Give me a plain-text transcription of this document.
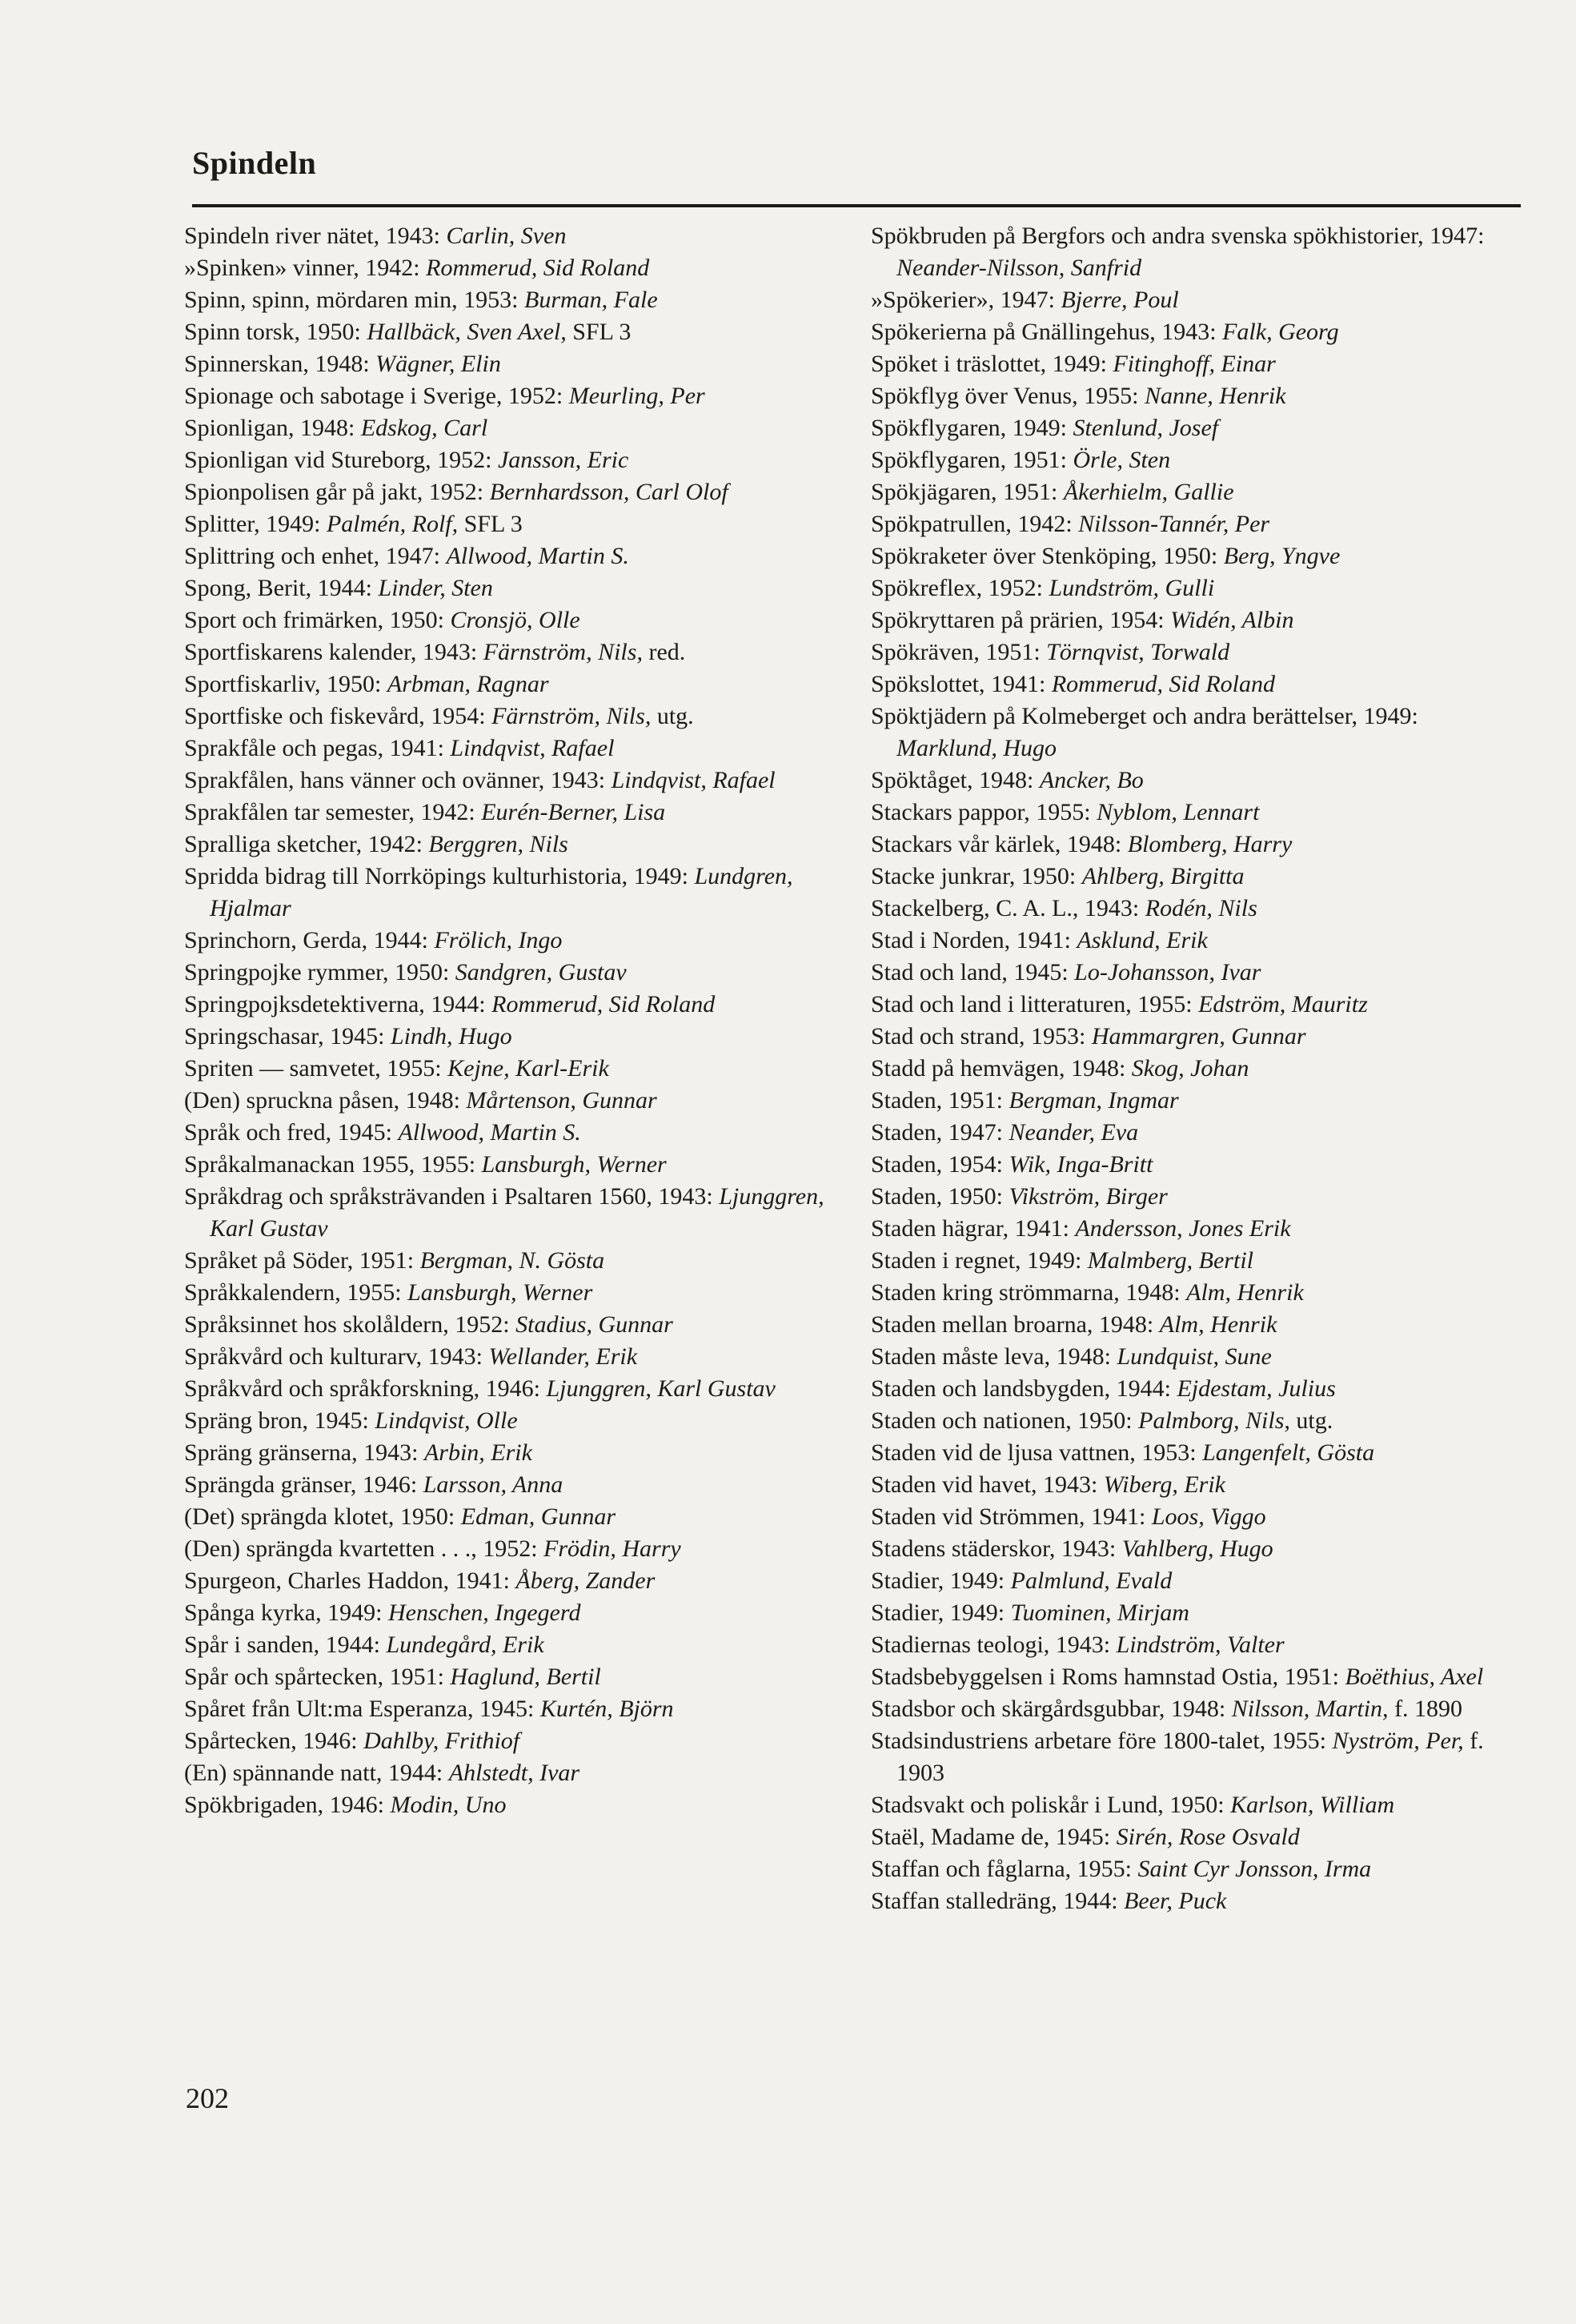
Spindeln
Spindeln river nätet , 1943: Carlin, Sven
»Spinken» vinner , 1942: Rommerud, Sid Roland
Spinn, spinn, mördaren min , 1953: Burman, Fale
Spinn torsk , 1950: Hallbäck, Sven Axel, SFL 3
Spinnerskan , 1948: Wägner, Elin
Spionage och sabotage i Sverige , 1952: Meurling, Per
Spionligan , 1948: Edskog, Carl
Spionligan vid Stureborg , 1952: Jansson, Eric
Spionpolisen går på jakt , 1952: Bernhardsson, Carl Olof
Splitter , 1949: Palmén, Rolf, SFL 3
Splittring och enhet , 1947: Allwood, Martin S.
Spong, Berit , 1944: Linder, Sten
Sport och frimärken , 1950: Cronsjö, Olle
Sportfiskarens kalender , 1943: Färnström, Nils, red.
Sportfiskarliv , 1950: Arbman, Ragnar
Sportfiske och fiskevård , 1954: Färnström, Nils, utg.
Sprakfåle och pegas , 1941: Lindqvist, Rafael
Sprakfålen, hans vänner och ovänner , 1943: Lindqvist, Rafael
Sprakfålen tar semester , 1942: Eurén-Berner, Lisa
Spralliga sketcher , 1942: Berggren, Nils
Spridda bidrag till Norrköpings kulturhistoria , 1949: Lundgren, Hjalmar
Sprinchorn, Gerda , 1944: Frölich, Ingo
Springpojke rymmer , 1950: Sandgren, Gustav
Springpojksdetektiverna , 1944: Rommerud, Sid Roland
Springschasar , 1945: Lindh, Hugo
Spriten — samvetet , 1955: Kejne, Karl-Erik
(Den) spruckna påsen , 1948: Mårtenson, Gunnar
Språk och fred , 1945: Allwood, Martin S.
Språkalmanackan 1955 , 1955: Lansburgh, Werner
Språkdrag och språksträvanden i Psaltaren 1560 , 1943: Ljunggren, Karl Gustav
Språket på Söder , 1951: Bergman, N. Gösta
Språkkalendern , 1955: Lansburgh, Werner
Språksinnet hos skolåldern , 1952: Stadius, Gunnar
Språkvård och kulturarv , 1943: Wellander, Erik
Språkvård och språkforskning , 1946: Ljunggren, Karl Gustav
Spräng bron , 1945: Lindqvist, Olle
Spräng gränserna , 1943: Arbin, Erik
Sprängda gränser , 1946: Larsson, Anna
(Det) sprängda klotet , 1950: Edman, Gunnar
(Den) sprängda kvartetten . . . , 1952: Frödin, Harry
Spurgeon, Charles Haddon , 1941: Åberg, Zander
Spånga kyrka , 1949: Henschen, Ingegerd
Spår i sanden , 1944: Lundegård, Erik
Spår och spårtecken , 1951: Haglund, Bertil
Spåret från Ult:ma Esperanza , 1945: Kurtén, Björn
Spårtecken , 1946: Dahlby, Frithiof
(En) spännande natt , 1944: Ahlstedt, Ivar
Spökbrigaden , 1946: Modin, Uno
Spökbruden på Bergfors och andra svenska spökhistorier , 1947: Neander-Nilsson, Sanfrid
»Spökerier» , 1947: Bjerre, Poul
Spökerierna på Gnällingehus , 1943: Falk, Georg
Spöket i träslottet , 1949: Fitinghoff, Einar
Spökflyg över Venus , 1955: Nanne, Henrik
Spökflygaren , 1949: Stenlund, Josef
Spökflygaren , 1951: Örle, Sten
Spökjägaren , 1951: Åkerhielm, Gallie
Spökpatrullen , 1942: Nilsson-Tannér, Per
Spökraketer över Stenköping , 1950: Berg, Yngve
Spökreflex , 1952: Lundström, Gulli
Spökryttaren på prärien , 1954: Widén, Albin
Spökräven , 1951: Törnqvist, Torwald
Spökslottet , 1941: Rommerud, Sid Roland
Spöktjädern på Kolmeberget och andra berättelser , 1949: Marklund, Hugo
Spöktåget , 1948: Ancker, Bo
Stackars pappor , 1955: Nyblom, Lennart
Stackars vår kärlek , 1948: Blomberg, Harry
Stacke junkrar , 1950: Ahlberg, Birgitta
Stackelberg, C. A. L. , 1943: Rodén, Nils
Stad i Norden , 1941: Asklund, Erik
Stad och land , 1945: Lo-Johansson, Ivar
Stad och land i litteraturen , 1955: Edström, Mauritz
Stad och strand , 1953: Hammargren, Gunnar
Stadd på hemvägen , 1948: Skog, Johan
Staden , 1951: Bergman, Ingmar
Staden , 1947: Neander, Eva
Staden , 1954: Wik, Inga-Britt
Staden , 1950: Vikström, Birger
Staden hägrar , 1941: Andersson, Jones Erik
Staden i regnet , 1949: Malmberg, Bertil
Staden kring strömmarna , 1948: Alm, Henrik
Staden mellan broarna , 1948: Alm, Henrik
Staden måste leva , 1948: Lundquist, Sune
Staden och landsbygden , 1944: Ejdestam, Julius
Staden och nationen , 1950: Palmborg, Nils, utg.
Staden vid de ljusa vattnen , 1953: Langenfelt, Gösta
Staden vid havet , 1943: Wiberg, Erik
Staden vid Strömmen , 1941: Loos, Viggo
Stadens städerskor , 1943: Vahlberg, Hugo
Stadier , 1949: Palmlund, Evald
Stadier , 1949: Tuominen, Mirjam
Stadiernas teologi , 1943: Lindström, Valter
Stadsbebyggelsen i Roms hamnstad Ostia , 1951: Boëthius, Axel
Stadsbor och skärgårdsgubbar , 1948: Nilsson, Martin, f. 1890
Stadsindustriens arbetare före 1800-talet , 1955: Nyström, Per, f. 1903
Stadsvakt och poliskår i Lund , 1950: Karlson, William
Staël, Madame de , 1945: Sirén, Rose Osvald
Staffan och fåglarna , 1955: Saint Cyr Jonsson, Irma
Staffan stalledräng , 1944: Beer, Puck
202
